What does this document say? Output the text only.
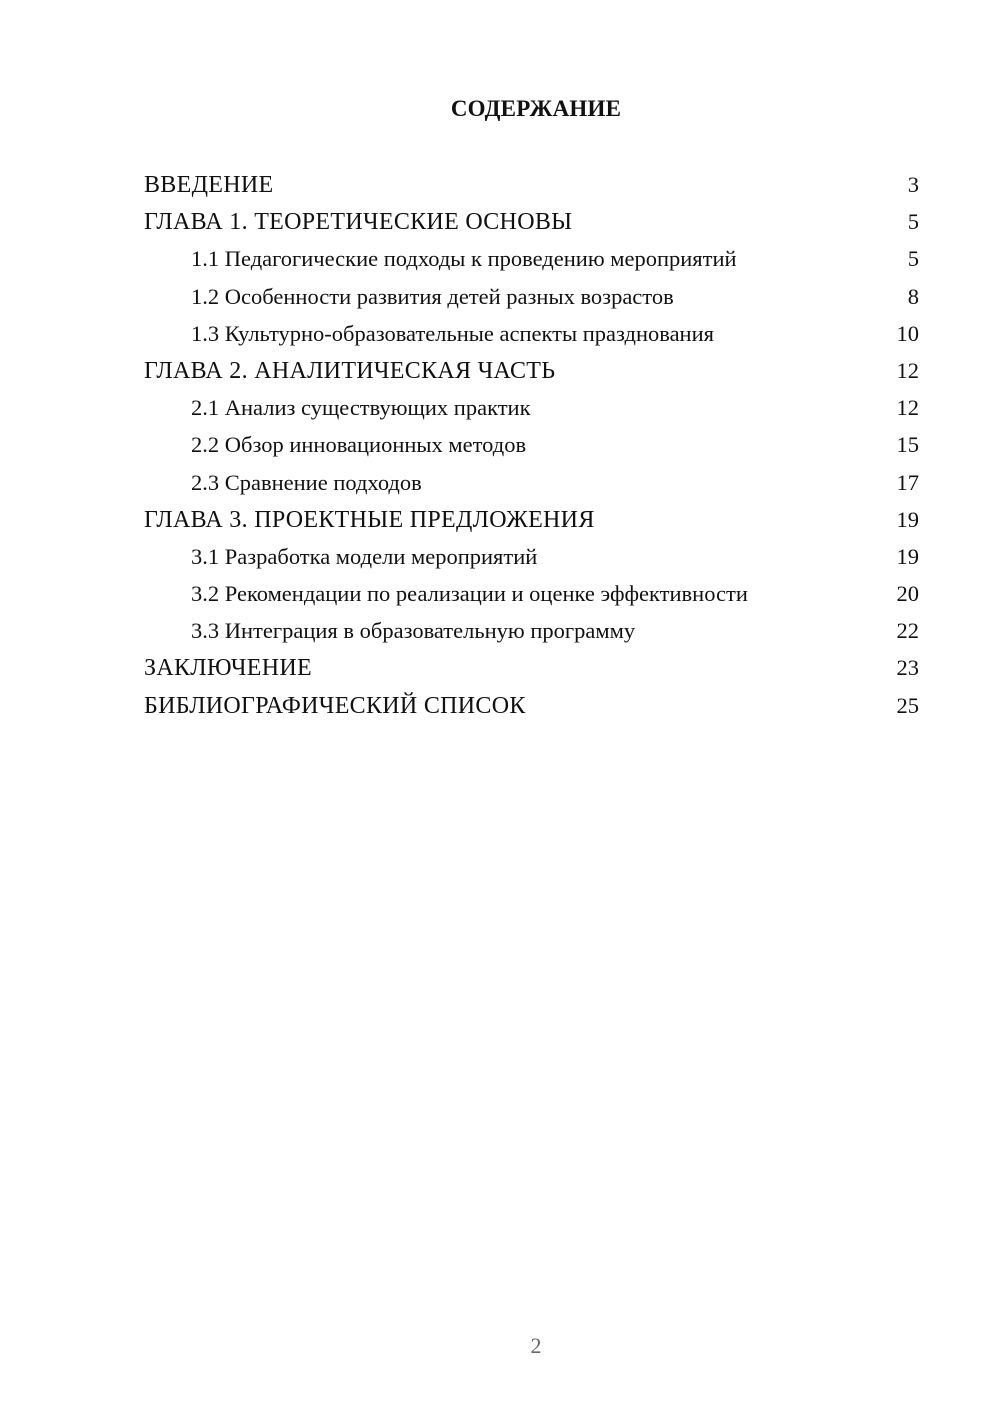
СОДЕРЖАНИЕ
ВВЕДЕНИЕ	3
ГЛАВА 1. ТЕОРЕТИЧЕСКИЕ ОСНОВЫ	5
1.1 Педагогические подходы к проведению мероприятий	5
1.2 Особенности развития детей разных возрастов	8
1.3 Культурно-образовательные аспекты празднования	10
ГЛАВА 2. АНАЛИТИЧЕСКАЯ ЧАСТЬ	12
2.1 Анализ существующих практик	12
2.2 Обзор инновационных методов	15
2.3 Сравнение подходов	17
ГЛАВА 3. ПРОЕКТНЫЕ ПРЕДЛОЖЕНИЯ	19
3.1 Разработка модели мероприятий	19
3.2 Рекомендации по реализации и оценке эффективности	20
3.3 Интеграция в образовательную программу	22
ЗАКЛЮЧЕНИЕ	23
БИБЛИОГРАФИЧЕСКИЙ СПИСОК	25
2
